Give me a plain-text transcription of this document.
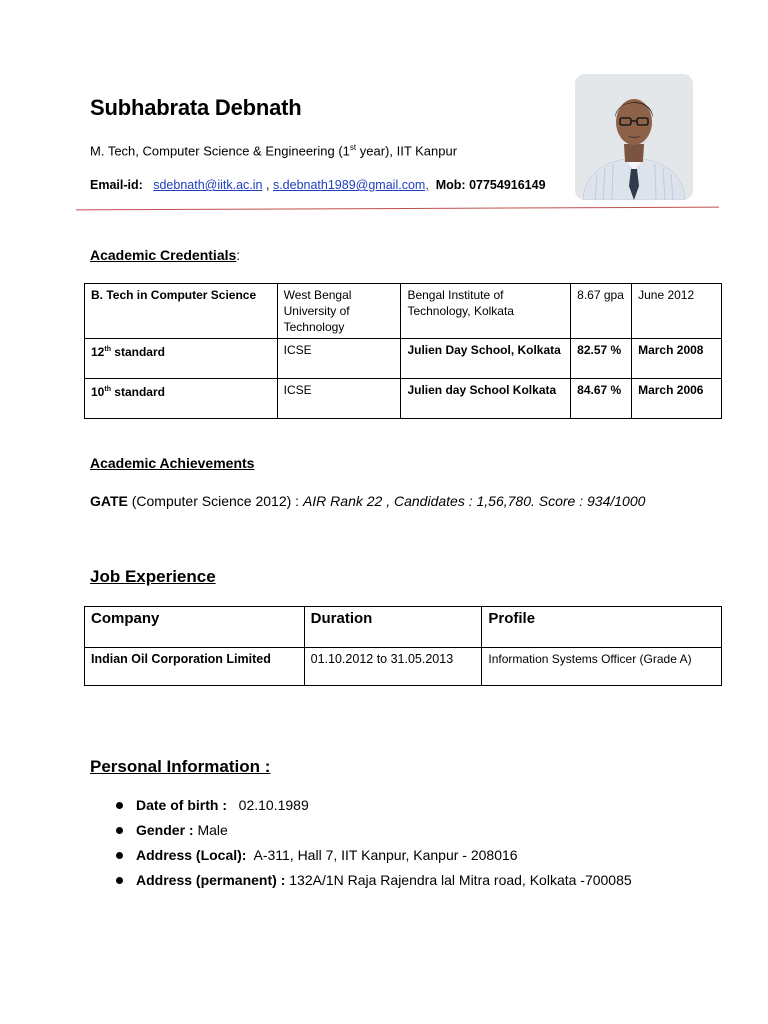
Subhabrata Debnath
M. Tech, Computer Science & Engineering (1st year), IIT Kanpur
Email-id: sdebnath@iitk.ac.in , s.debnath1989@gmail.com, Mob: 07754916149
Academic Credentials:
B. Tech in Computer Science	West Bengal University of Technology	Bengal Institute of Technology, Kolkata	8.67 gpa	June 2012
12th standard	ICSE	Julien Day School, Kolkata	82.57 %	March 2008
10th standard	ICSE	Julien day School Kolkata	84.67 %	March 2006
Academic Achievements
GATE (Computer Science 2012) : AIR Rank 22 , Candidates : 1,56,780. Score : 934/1000
Job Experience
Company	Duration	Profile
Indian Oil Corporation Limited	01.10.2012 to 31.05.2013	Information Systems Officer (Grade A)
Personal Information :
Date of birth :   02.10.1989
Gender : Male
Address (Local):  A-311, Hall 7, IIT Kanpur, Kanpur - 208016
Address (permanent) : 132A/1N Raja Rajendra lal Mitra road, Kolkata -700085
